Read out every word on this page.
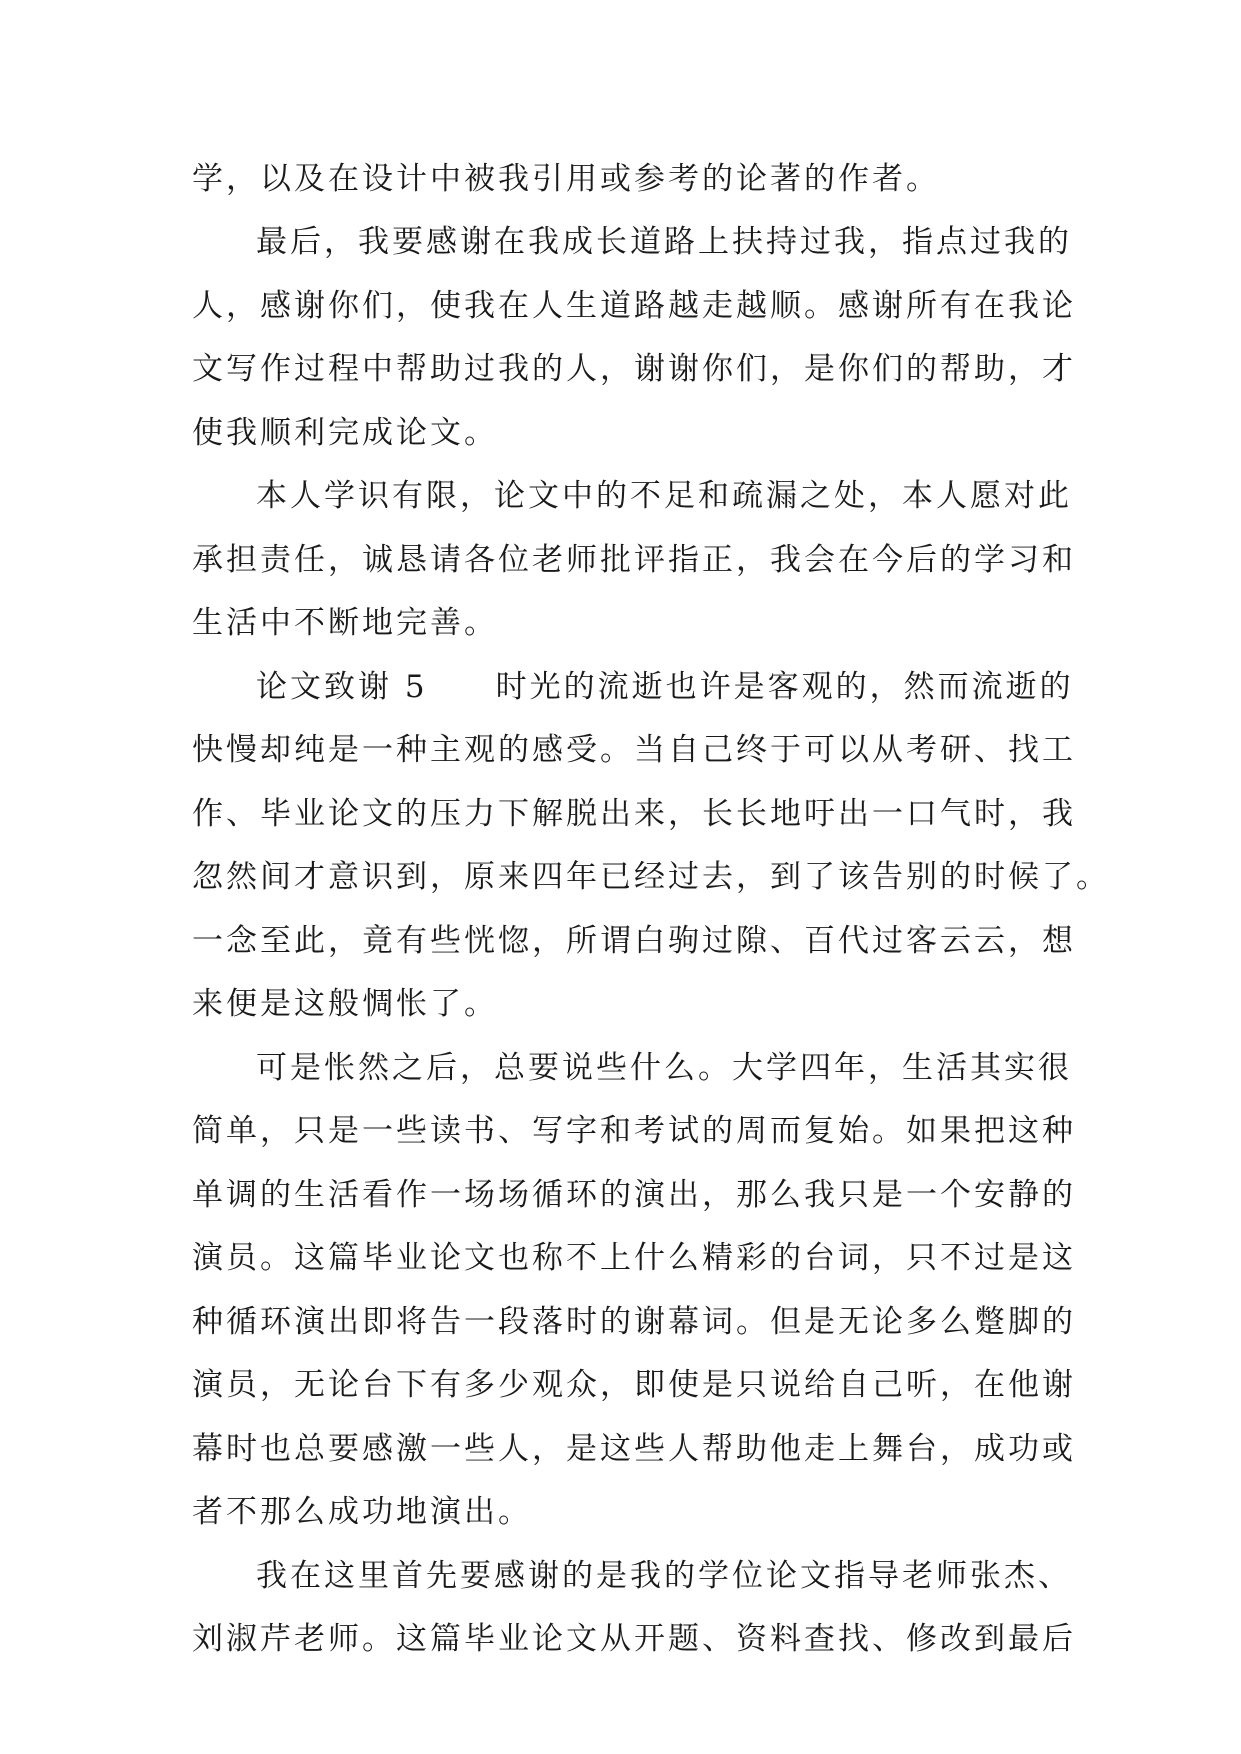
学，以及在设计中被我引用或参考的论著的作者。
最后，我要感谢在我成长道路上扶持过我，指点过我的
人，感谢你们，使我在人生道路越走越顺。感谢所有在我论
文写作过程中帮助过我的人，谢谢你们，是你们的帮助，才
使我顺利完成论文。
本人学识有限，论文中的不足和疏漏之处，本人愿对此
承担责任，诚恳请各位老师批评指正，我会在今后的学习和
生活中不断地完善。
论文致谢 5　　时光的流逝也许是客观的，然而流逝的
快慢却纯是一种主观的感受。当自己终于可以从考研、找工
作、毕业论文的压力下解脱出来，长长地吁出一口气时，我
忽然间才意识到，原来四年已经过去，到了该告别的时候了。
一念至此，竟有些恍惚，所谓白驹过隙、百代过客云云，想
来便是这般惆怅了。
可是怅然之后，总要说些什么。大学四年，生活其实很
简单，只是一些读书、写字和考试的周而复始。如果把这种
单调的生活看作一场场循环的演出，那么我只是一个安静的
演员。这篇毕业论文也称不上什么精彩的台词，只不过是这
种循环演出即将告一段落时的谢幕词。但是无论多么蹩脚的
演员，无论台下有多少观众，即使是只说给自己听，在他谢
幕时也总要感激一些人，是这些人帮助他走上舞台，成功或
者不那么成功地演出。
我在这里首先要感谢的是我的学位论文指导老师张杰、
刘淑芹老师。这篇毕业论文从开题、资料查找、修改到最后
